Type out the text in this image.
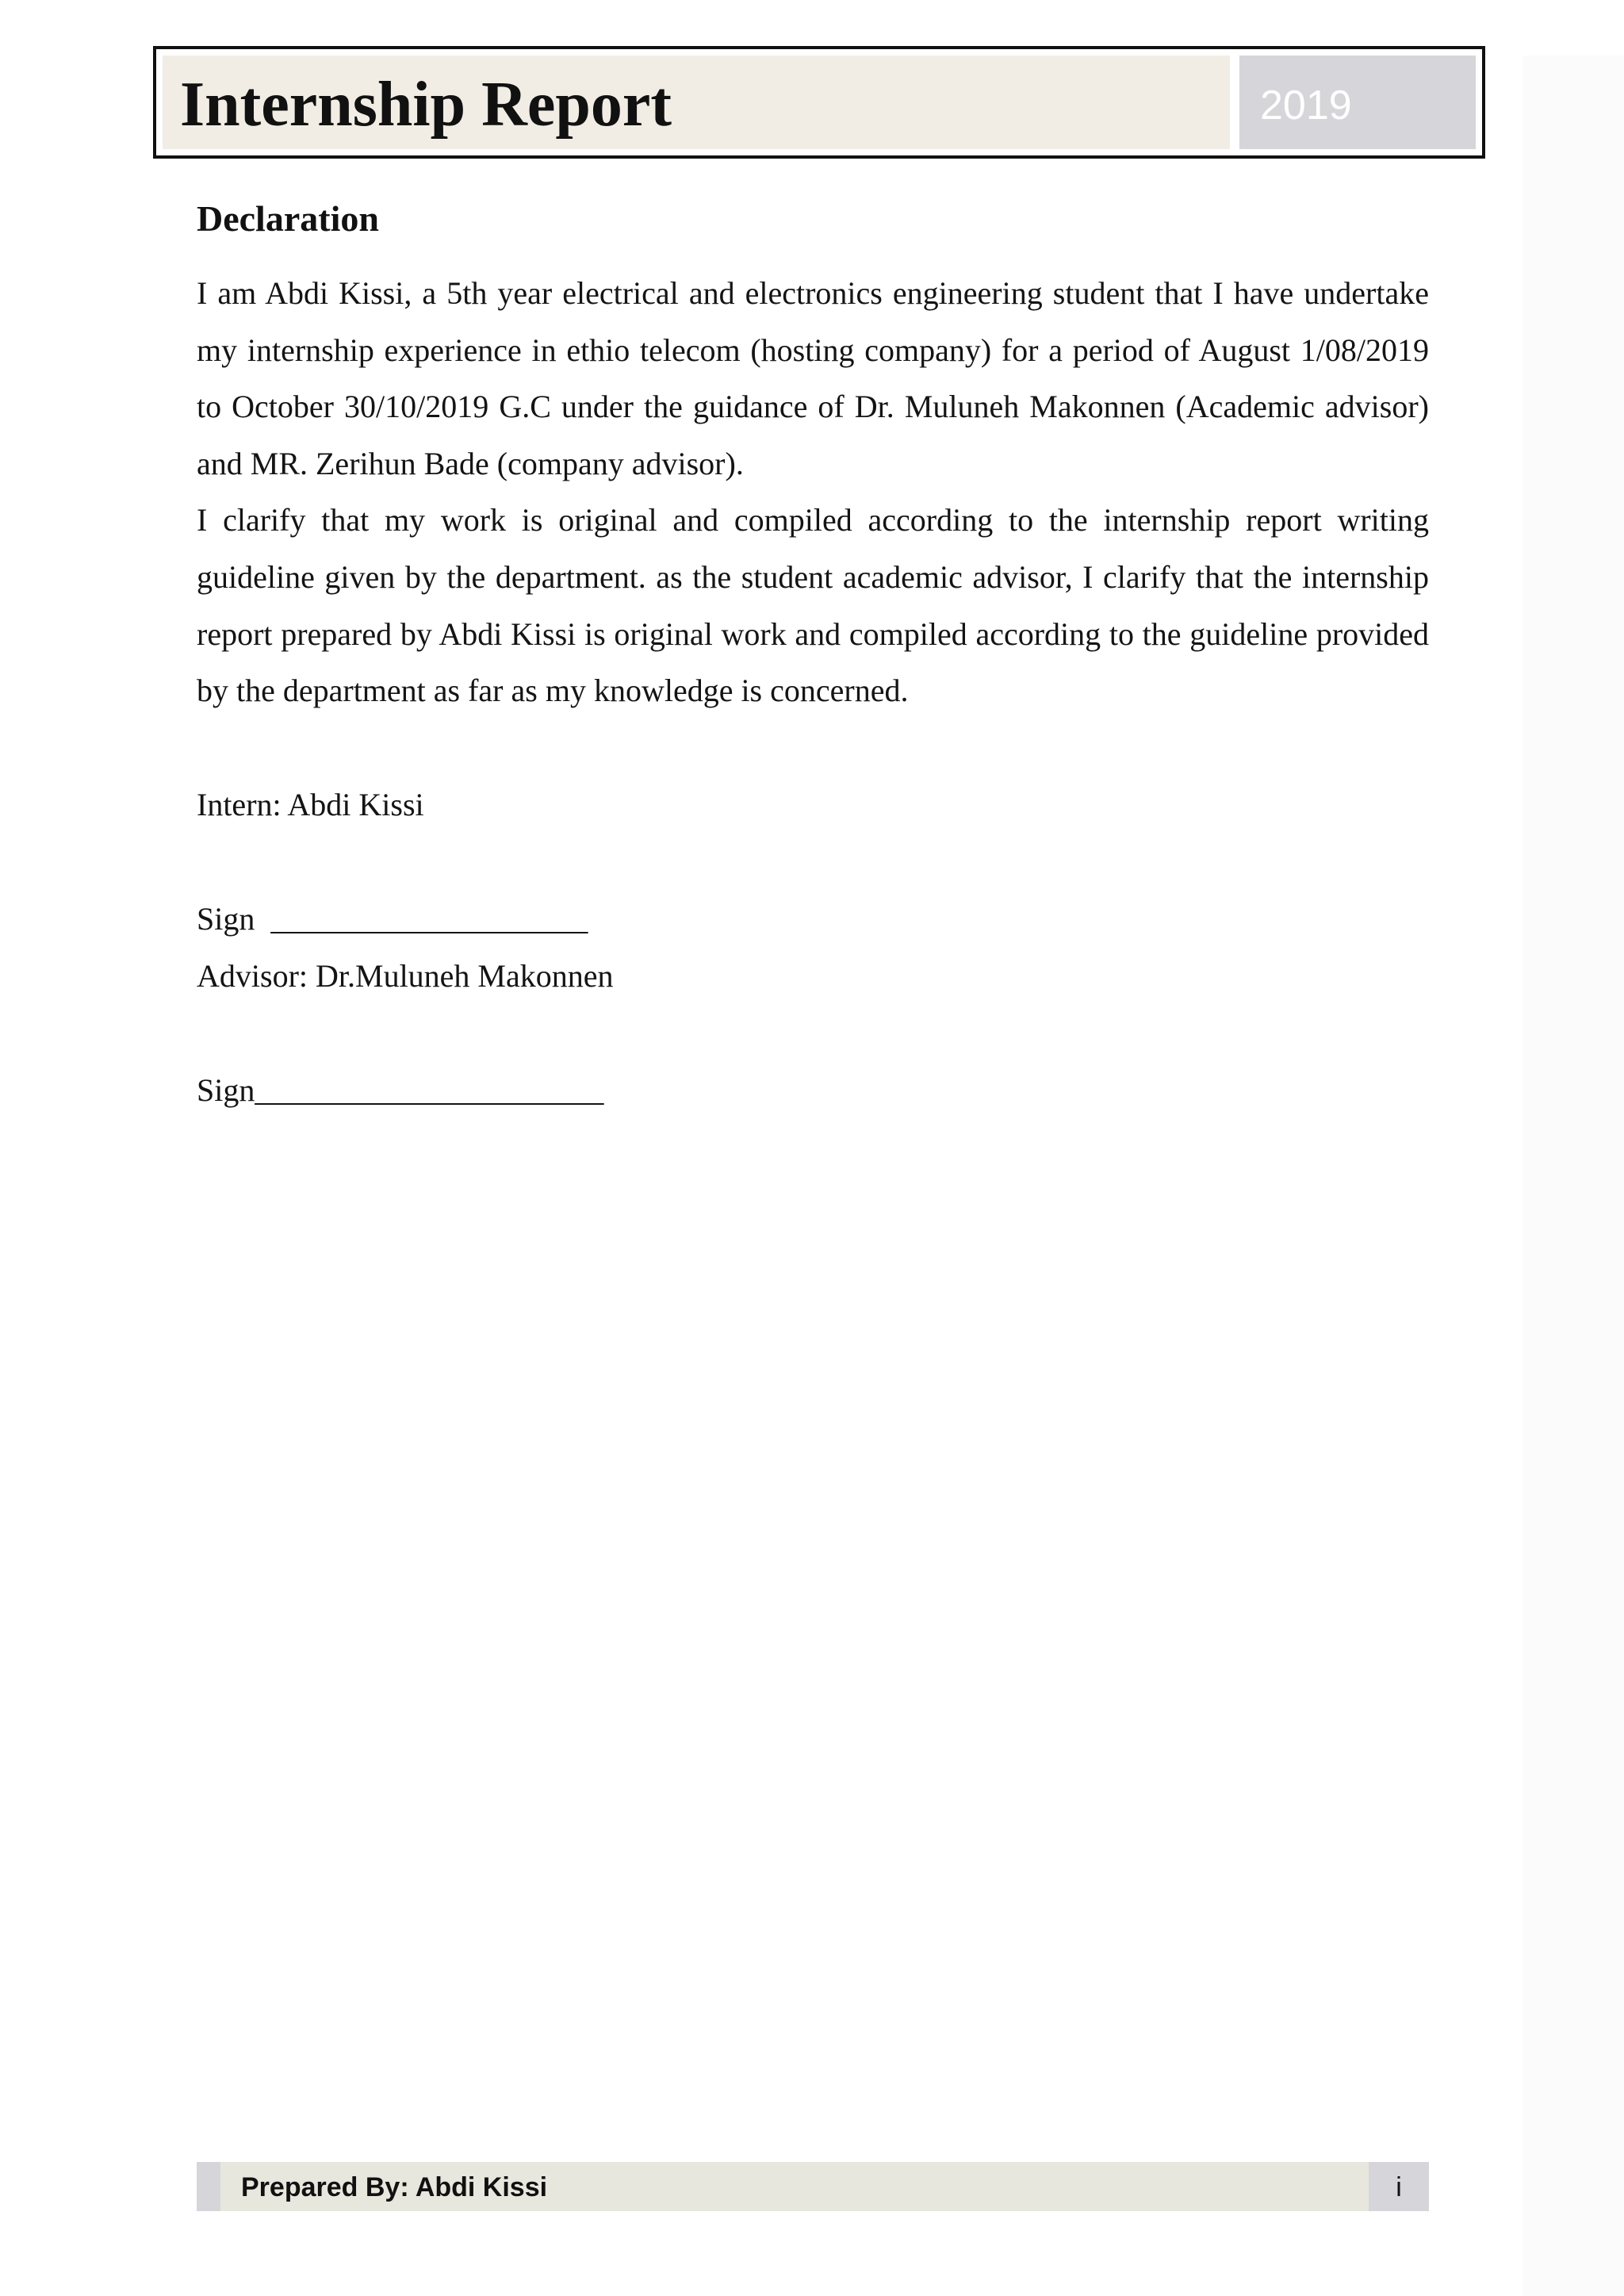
Internship Report	2019
Declaration

I am Abdi Kissi, a 5th year electrical and electronics engineering student that I have undertake my internship experience in ethio telecom (hosting company) for a period of August 1/08/2019 to October 30/10/2019 G.C under the guidance of Dr. Muluneh Makonnen (Academic advisor) and MR. Zerihun Bade (company advisor).

I clarify that my work is original and compiled according to the internship report writing guideline given by the department. as the student academic advisor, I clarify that the internship report prepared by Abdi Kissi is original work and compiled according to the guideline provided by the department as far as my knowledge is concerned.

Intern: Abdi Kissi

Sign  ____________________

Advisor: Dr.Muluneh Makonnen

Sign______________________

Prepared By: Abdi Kissi	i
